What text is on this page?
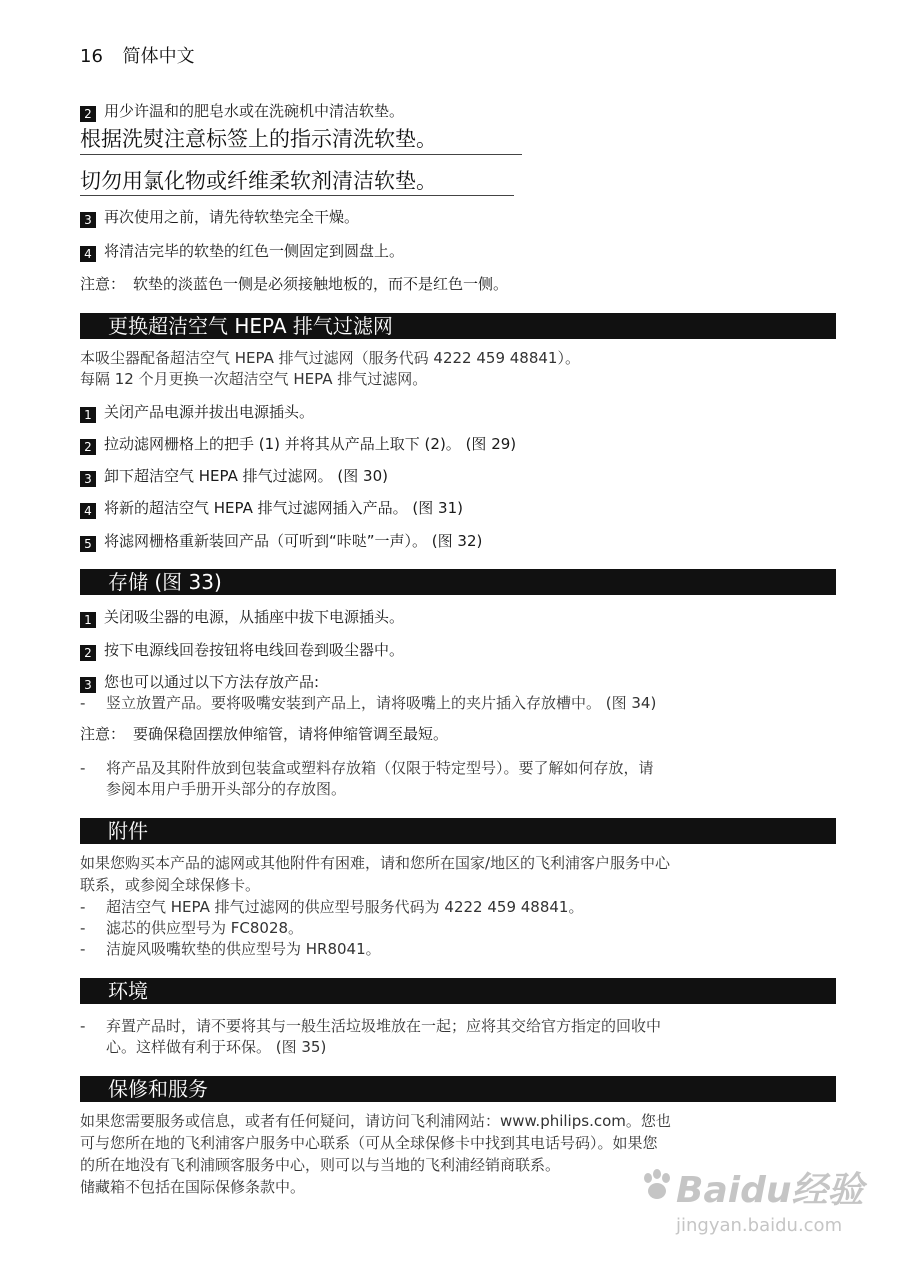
16 简体中文
2 用少许温和的肥皂水或在洗碗机中清洁软垫。
根据洗熨注意标签上的指示清洗软垫。
切勿用氯化物或纤维柔软剂清洁软垫。
3 再次使用之前，请先待软垫完全干燥。
4 将清洁完毕的软垫的红色一侧固定到圆盘上。
注意： 软垫的淡蓝色一侧是必须接触地板的，而不是红色一侧。
更换超洁空气 HEPA 排气过滤网
本吸尘器配备超洁空气 HEPA 排气过滤网（服务代码 4222 459 48841）。
每隔 12 个月更换一次超洁空气 HEPA 排气过滤网。
1 关闭产品电源并拔出电源插头。
2 拉动滤网栅格上的把手 (1) 并将其从产品上取下 (2)。 (图 29)
3 卸下超洁空气 HEPA 排气过滤网。 (图 30)
4 将新的超洁空气 HEPA 排气过滤网插入产品。 (图 31)
5 将滤网栅格重新装回产品（可听到“咔哒”一声）。 (图 32)
存储 (图 33)
1 关闭吸尘器的电源，从插座中拔下电源插头。
2 按下电源线回卷按钮将电线回卷到吸尘器中。
3 您也可以通过以下方法存放产品:
- 竖立放置产品。要将吸嘴安装到产品上，请将吸嘴上的夹片插入存放槽中。 (图 34)
注意： 要确保稳固摆放伸缩管，请将伸缩管调至最短。
- 将产品及其附件放到包装盒或塑料存放箱（仅限于特定型号）。要了解如何存放，请
参阅本用户手册开头部分的存放图。
附件
如果您购买本产品的滤网或其他附件有困难，请和您所在国家/地区的飞利浦客户服务中心
联系，或参阅全球保修卡。
- 超洁空气 HEPA 排气过滤网的供应型号服务代码为 4222 459 48841。
- 滤芯的供应型号为 FC8028。
- 洁旋风吸嘴软垫的供应型号为 HR8041。
环境
- 弃置产品时，请不要将其与一般生活垃圾堆放在一起；应将其交给官方指定的回收中
心。这样做有利于环保。 (图 35)
保修和服务
如果您需要服务或信息，或者有任何疑问，请访问飞利浦网站：www.philips.com。您也
可与您所在地的飞利浦客户服务中心联系（可从全球保修卡中找到其电话号码）。如果您
的所在地没有飞利浦顾客服务中心，则可以与当地的飞利浦经销商联系。
储藏箱不包括在国际保修条款中。	Baidu经验
jingyan.baidu.com
